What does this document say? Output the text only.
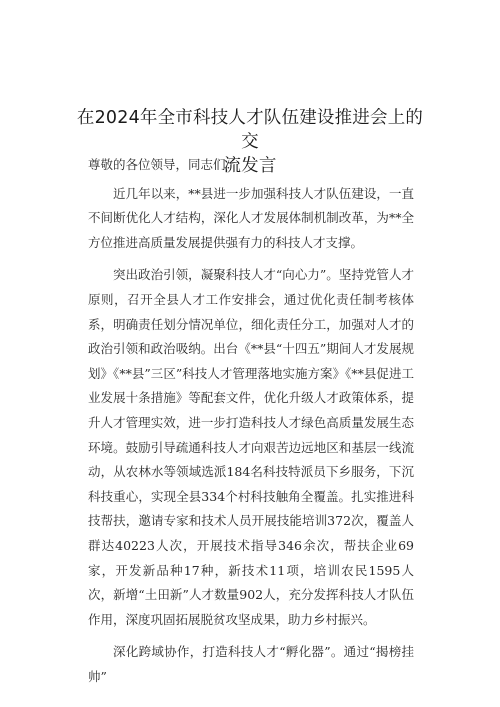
在2024年全市科技人才队伍建设推进会上的交
流发言

尊敬的各位领导，同志们：

近几年以来，**县进一步加强科技人才队伍建设，一直不间断优化人才结构，深化人才发展体制机制改革，为**全方位推进高质量发展提供强有力的科技人才支撑。

突出政治引领，凝聚科技人才“向心力”。坚持党管人才原则，召开全县人才工作安排会，通过优化责任制考核体系，明确责任划分情况单位，细化责任分工，加强对人才的政治引领和政治吸纳。出台《**县“十四五”期间人才发展规划》《**县”三区”科技人才管理落地实施方案》《**县促进工业发展十条措施》等配套文件，优化升级人才政策体系，提升人才管理实效，进一步打造科技人才绿色高质量发展生态环境。鼓励引导疏通科技人才向艰苦边远地区和基层一线流动，从农林水等领域选派184名科技特派员下乡服务，下沉科技重心，实现全县334个村科技触角全覆盖。扎实推进科技帮扶，邀请专家和技术人员开展技能培训372次，覆盖人群达40223人次，开展技术指导346余次，帮扶企业69家，开发新品种17种，新技术11项，培训农民1595人次，新增“土田新”人才数量902人，充分发挥科技人才队伍作用，深度巩固拓展脱贫攻坚成果，助力乡村振兴。

深化跨域协作，打造科技人才“孵化器”。通过“揭榜挂帅”
